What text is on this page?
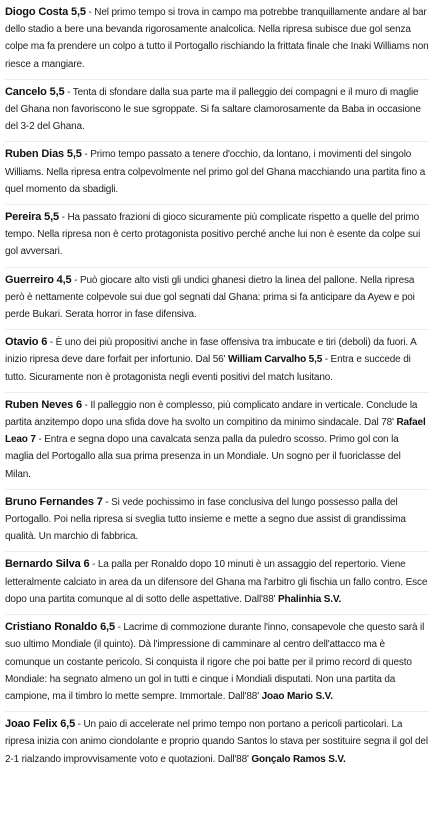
Diogo Costa 5,5 - Nel primo tempo si trova in campo ma potrebbe tranquillamente andare al bar dello stadio a bere una bevanda rigorosamente analcolica. Nella ripresa subisce due gol senza colpe ma fa prendere un colpo a tutto il Portogallo rischiando la frittata finale che Inaki Williams non riesce a mangiare.

Cancelo 5,5 - Tenta di sfondare dalla sua parte ma il palleggio dei compagni e il muro di maglie del Ghana non favoriscono le sue sgroppate. Si fa saltare clamorosamente da Baba in occasione del 3-2 del Ghana.

Ruben Dias 5,5 - Primo tempo passato a tenere d'occhio, da lontano, i movimenti del singolo Williams. Nella ripresa entra colpevolmente nel primo gol del Ghana macchiando una partita fino a quel momento da sbadigli.

Pereira 5,5 - Ha passato frazioni di gioco sicuramente più complicate rispetto a quelle del primo tempo. Nella ripresa non è certo protagonista positivo perché anche lui non è esente da colpe sui gol avversari.

Guerreiro 4,5 - Può giocare alto visti gli undici ghanesi dietro la linea del pallone. Nella ripresa però è nettamente colpevole sui due gol segnati dal Ghana: prima si fa anticipare da Ayew e poi perde Bukari. Serata horror in fase difensiva.

Otavio 6 - È uno dei più propositivi anche in fase offensiva tra imbucate e tiri (deboli) da fuori. A inizio ripresa deve dare forfait per infortunio. Dal 56' William Carvalho 5,5 - Entra e succede di tutto. Sicuramente non è protagonista negli eventi positivi del match lusitano.

Ruben Neves 6 - Il palleggio non è complesso, più complicato andare in verticale. Conclude la partita anzitempo dopo una sfida dove ha svolto un compitino da minimo sindacale. Dal 78' Rafael Leao 7 - Entra e segna dopo una cavalcata senza palla da puledro scosso. Primo gol con la maglia del Portogallo alla sua prima presenza in un Mondiale. Un sogno per il fuoriclasse del Milan.

Bruno Fernandes 7 - Si vede pochissimo in fase conclusiva del lungo possesso palla del Portogallo. Poi nella ripresa si sveglia tutto insieme e mette a segno due assist di grandissima qualità. Un marchio di fabbrica.

Bernardo Silva 6 - La palla per Ronaldo dopo 10 minuti è un assaggio del repertorio. Viene letteralmente calciato in area da un difensore del Ghana ma l'arbitro gli fischia un fallo contro. Esce dopo una partita comunque al di sotto delle aspettative. Dall'88' Phalinhia S.V.

Cristiano Ronaldo 6,5 - Lacrime di commozione durante l'inno, consapevole che questo sarà il suo ultimo Mondiale (il quinto). Dà l'impressione di camminare al centro dell'attacco ma è comunque un costante pericolo. Si conquista il rigore che poi batte per il primo record di questo Mondiale: ha segnato almeno un gol in tutti e cinque i Mondiali disputati. Non una partita da campione, ma il timbro lo mette sempre. Immortale. Dall'88' Joao Mario S.V.

Joao Felix 6,5 - Un paio di accelerate nel primo tempo non portano a pericoli particolari. La ripresa inizia con animo ciondolante e proprio quando Santos lo stava per sostituire segna il gol del 2-1 rialzando improvvisamente voto e quotazioni. Dall'88' Gonçalo Ramos S.V.
